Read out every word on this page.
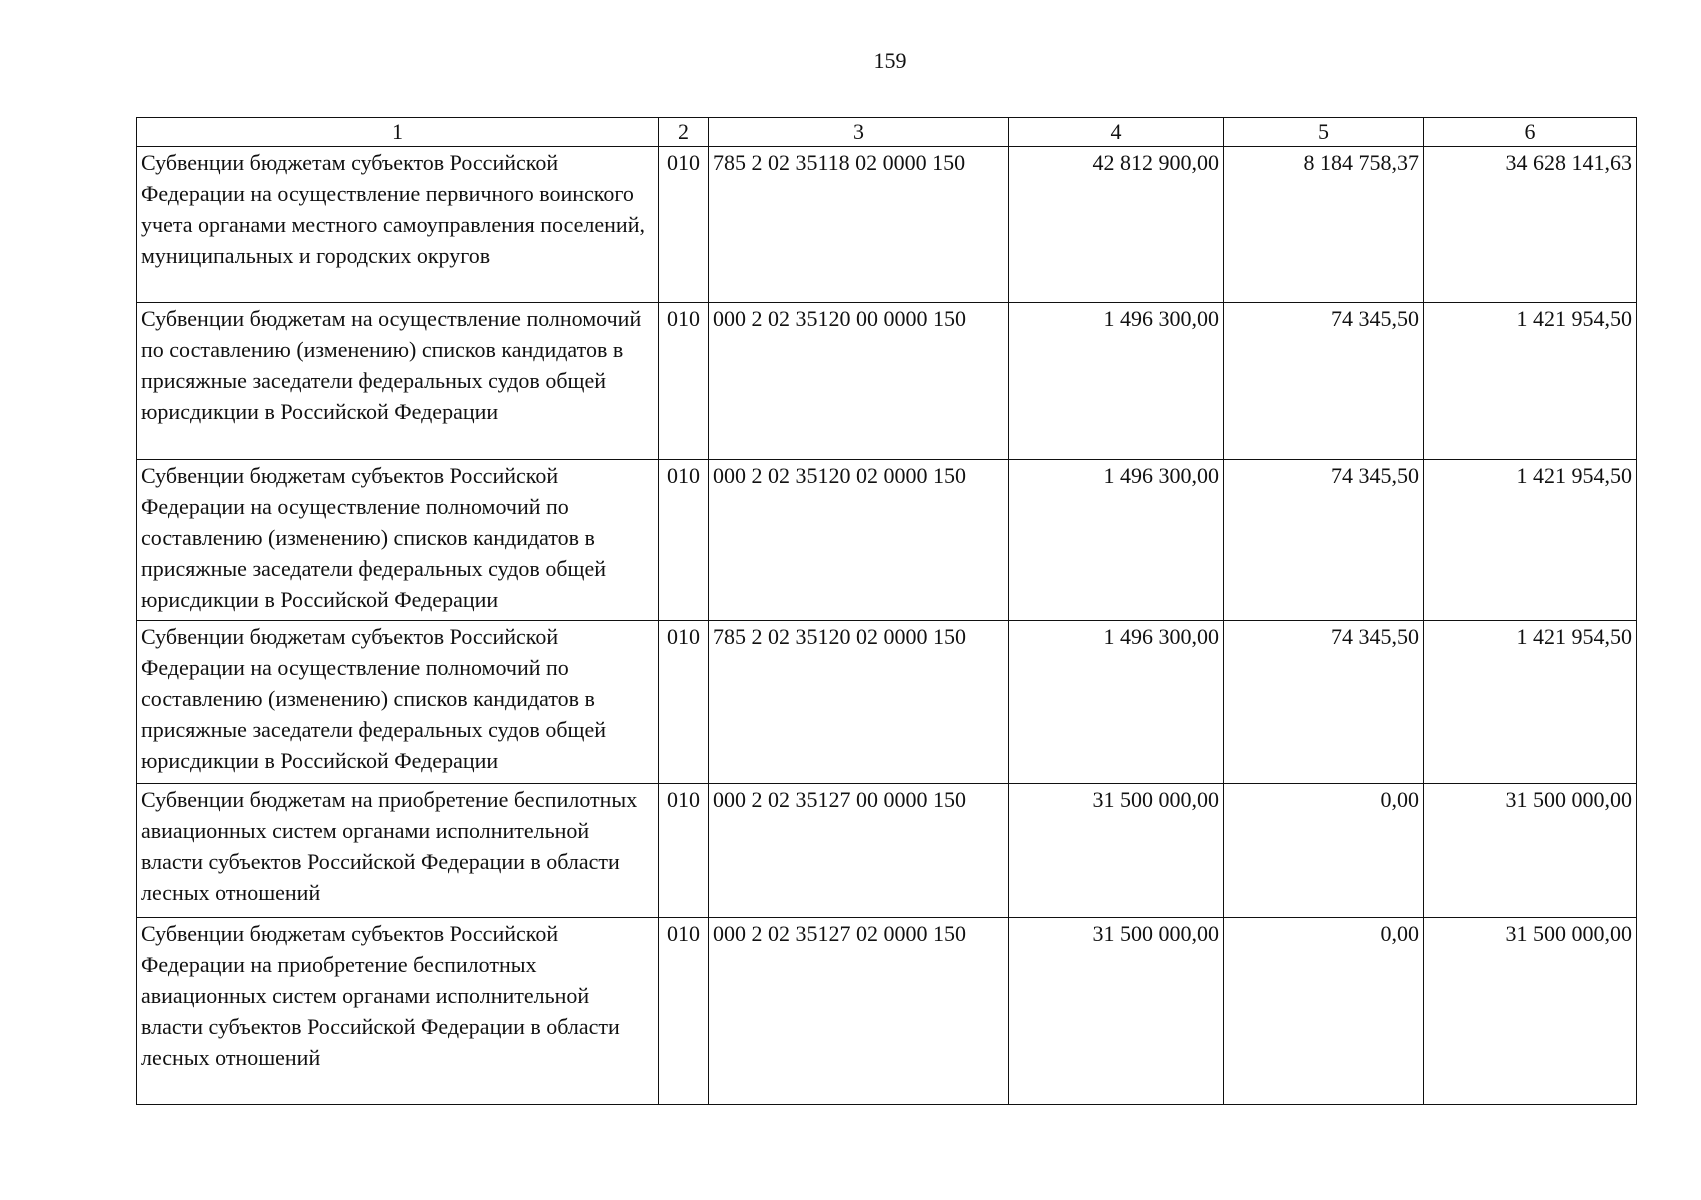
159
1	2	3	4	5	6
Субвенции бюджетам субъектов Российской Федерации на осуществление первичного воинского учета органами местного самоуправления поселений, муниципальных и городских округов	010	785 2 02 35118 02 0000 150	42 812 900,00	8 184 758,37	34 628 141,63
Субвенции бюджетам на осуществление полномочий по составлению (изменению) списков кандидатов в присяжные заседатели федеральных судов общей юрисдикции в Российской Федерации	010	000 2 02 35120 00 0000 150	1 496 300,00	74 345,50	1 421 954,50
Субвенции бюджетам субъектов Российской Федерации на осуществление полномочий по составлению (изменению) списков кандидатов в присяжные заседатели федеральных судов общей юрисдикции в Российской Федерации	010	000 2 02 35120 02 0000 150	1 496 300,00	74 345,50	1 421 954,50
Субвенции бюджетам субъектов Российской Федерации на осуществление полномочий по составлению (изменению) списков кандидатов в присяжные заседатели федеральных судов общей юрисдикции в Российской Федерации	010	785 2 02 35120 02 0000 150	1 496 300,00	74 345,50	1 421 954,50
Субвенции бюджетам на приобретение беспилотных авиационных систем органами исполнительной власти субъектов Российской Федерации в области лесных отношений	010	000 2 02 35127 00 0000 150	31 500 000,00	0,00	31 500 000,00
Субвенции бюджетам субъектов Российской Федерации на приобретение беспилотных авиационных систем органами исполнительной власти субъектов Российской Федерации в области лесных отношений	010	000 2 02 35127 02 0000 150	31 500 000,00	0,00	31 500 000,00
